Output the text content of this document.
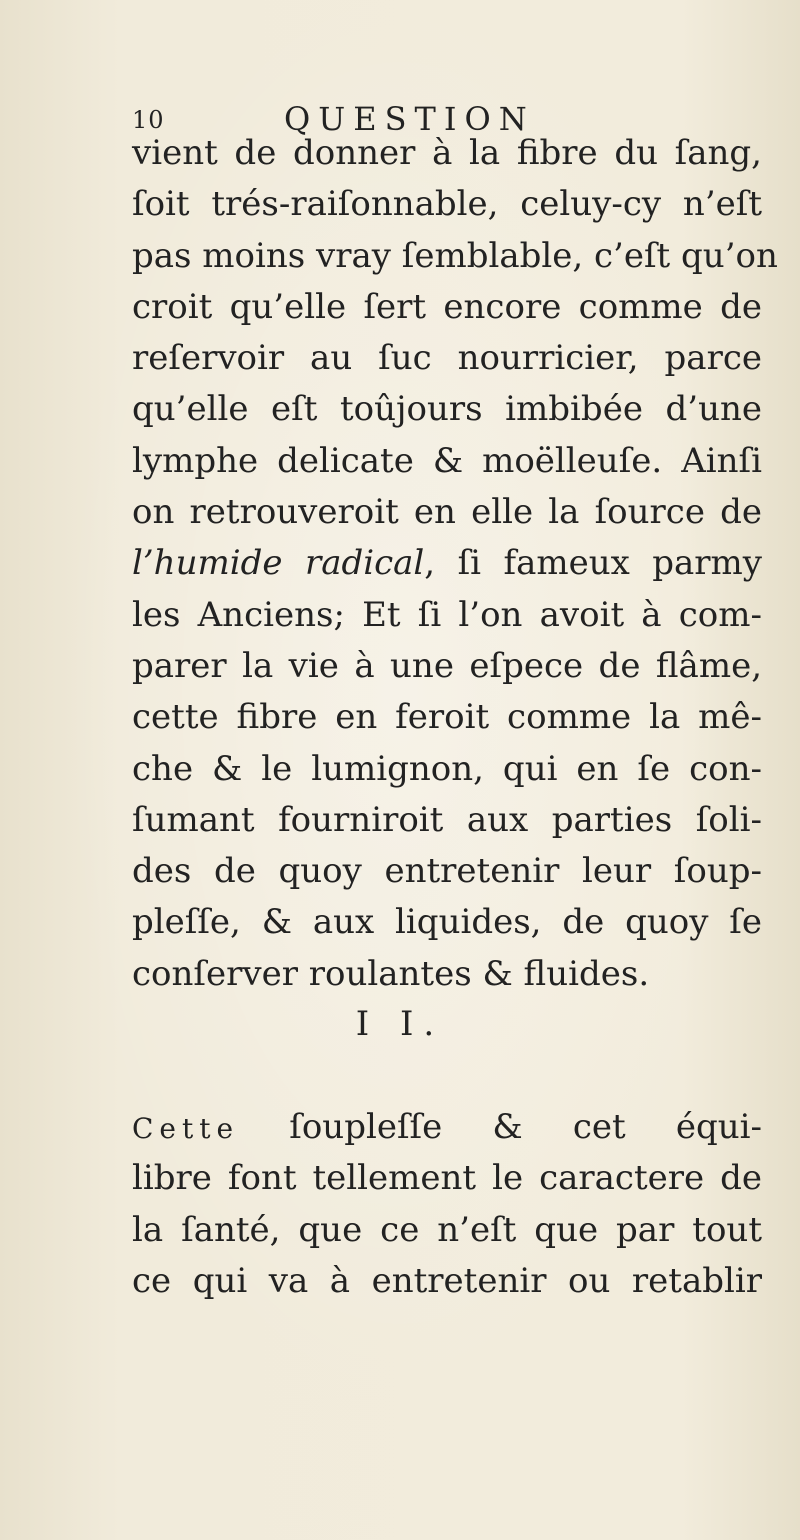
10	QUESTION
vient de donner à la fibre du ſang,
ſoit trés-raiſonnable, celuy-cy n’eſt
pas moins vray ſemblable, c’eſt qu’on
croit qu’elle ſert encore comme de
reſervoir au ſuc nourricier, parce
qu’elle eſt toûjours imbibée d’une
lymphe delicate & moëlleuſe. Ainſi
on retrouveroit en elle la ſource de
l’humide radical, ſi fameux parmy
les Anciens; Et ſi l’on avoit à com-
parer la vie à une eſpece de flâme,
cette fibre en feroit comme la mê-
che & le lumignon, qui en ſe con-
ſumant fourniroit aux parties ſoli-
des de quoy entretenir leur ſoup-
pleſſe, & aux liquides, de quoy ſe
conſerver roulantes & fluides.
I I.
Cette ſoupleſſe & cet équi-
libre font tellement le caractere de
la ſanté, que ce n’eſt que par tout
ce qui va à entretenir ou retablir
